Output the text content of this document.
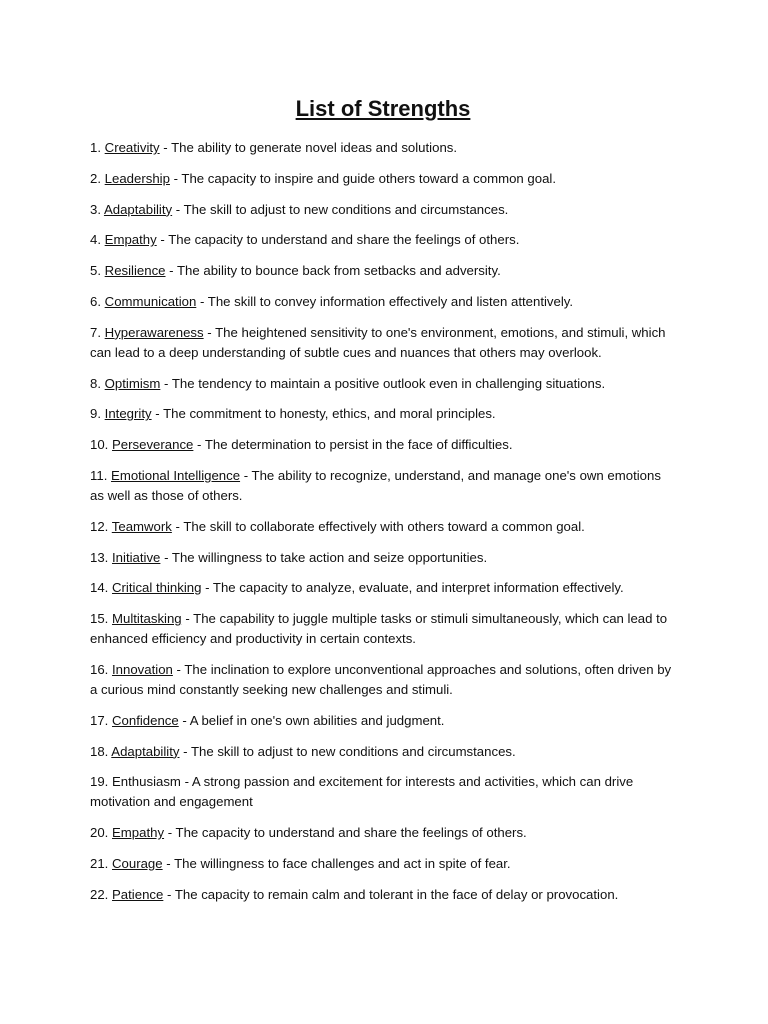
List of Strengths
1. Creativity - The ability to generate novel ideas and solutions.
2. Leadership - The capacity to inspire and guide others toward a common goal.
3. Adaptability - The skill to adjust to new conditions and circumstances.
4. Empathy - The capacity to understand and share the feelings of others.
5. Resilience - The ability to bounce back from setbacks and adversity.
6. Communication - The skill to convey information effectively and listen attentively.
7. Hyperawareness - The heightened sensitivity to one's environment, emotions, and stimuli, which can lead to a deep understanding of subtle cues and nuances that others may overlook.
8. Optimism - The tendency to maintain a positive outlook even in challenging situations.
9. Integrity - The commitment to honesty, ethics, and moral principles.
10. Perseverance - The determination to persist in the face of difficulties.
11. Emotional Intelligence - The ability to recognize, understand, and manage one's own emotions as well as those of others.
12. Teamwork - The skill to collaborate effectively with others toward a common goal.
13. Initiative - The willingness to take action and seize opportunities.
14. Critical thinking - The capacity to analyze, evaluate, and interpret information effectively.
15. Multitasking - The capability to juggle multiple tasks or stimuli simultaneously, which can lead to enhanced efficiency and productivity in certain contexts.
16. Innovation - The inclination to explore unconventional approaches and solutions, often driven by a curious mind constantly seeking new challenges and stimuli.
17. Confidence - A belief in one's own abilities and judgment.
18. Adaptability - The skill to adjust to new conditions and circumstances.
19. Enthusiasm - A strong passion and excitement for interests and activities, which can drive motivation and engagement
20. Empathy - The capacity to understand and share the feelings of others.
21. Courage - The willingness to face challenges and act in spite of fear.
22. Patience - The capacity to remain calm and tolerant in the face of delay or provocation.
